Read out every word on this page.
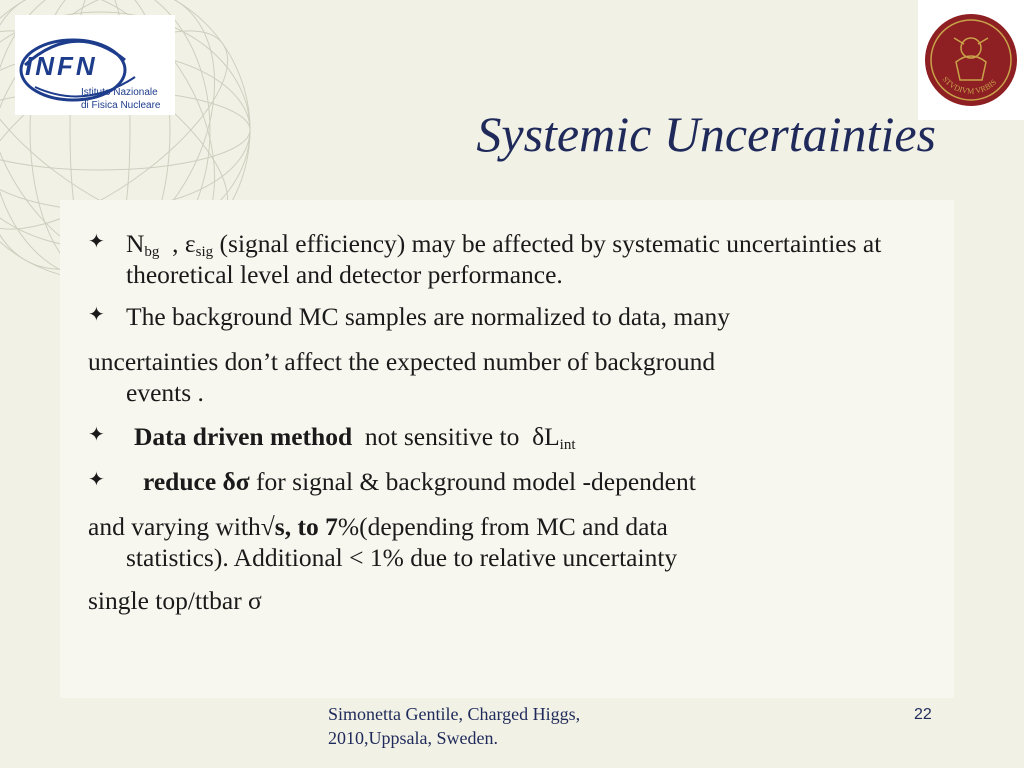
INFN
Istituto Nazionale
di Fisica Nucleare
STVDIVM VRBIS
Systemic Uncertainties

✦ $N_{bg}$  , $\varepsilon_{sig}$ (signal efficiency) may be affected by systematic uncertainties at theoretical level and detector performance.

✦ The background MC samples are normalized to data, many

uncertainties don’t affect the expected number of background
events .

✦ Data driven method  not sensitive to  $\delta L_{int}$

✦ reduce δσ for signal & background model -dependent

and varying with√s, to 7%(depending from MC and data
statistics). Additional < 1% due to relative uncertainty

single top/ttbar σ

Simonetta Gentile, Charged Higgs,
2010,Uppsala, Sweden.
22
